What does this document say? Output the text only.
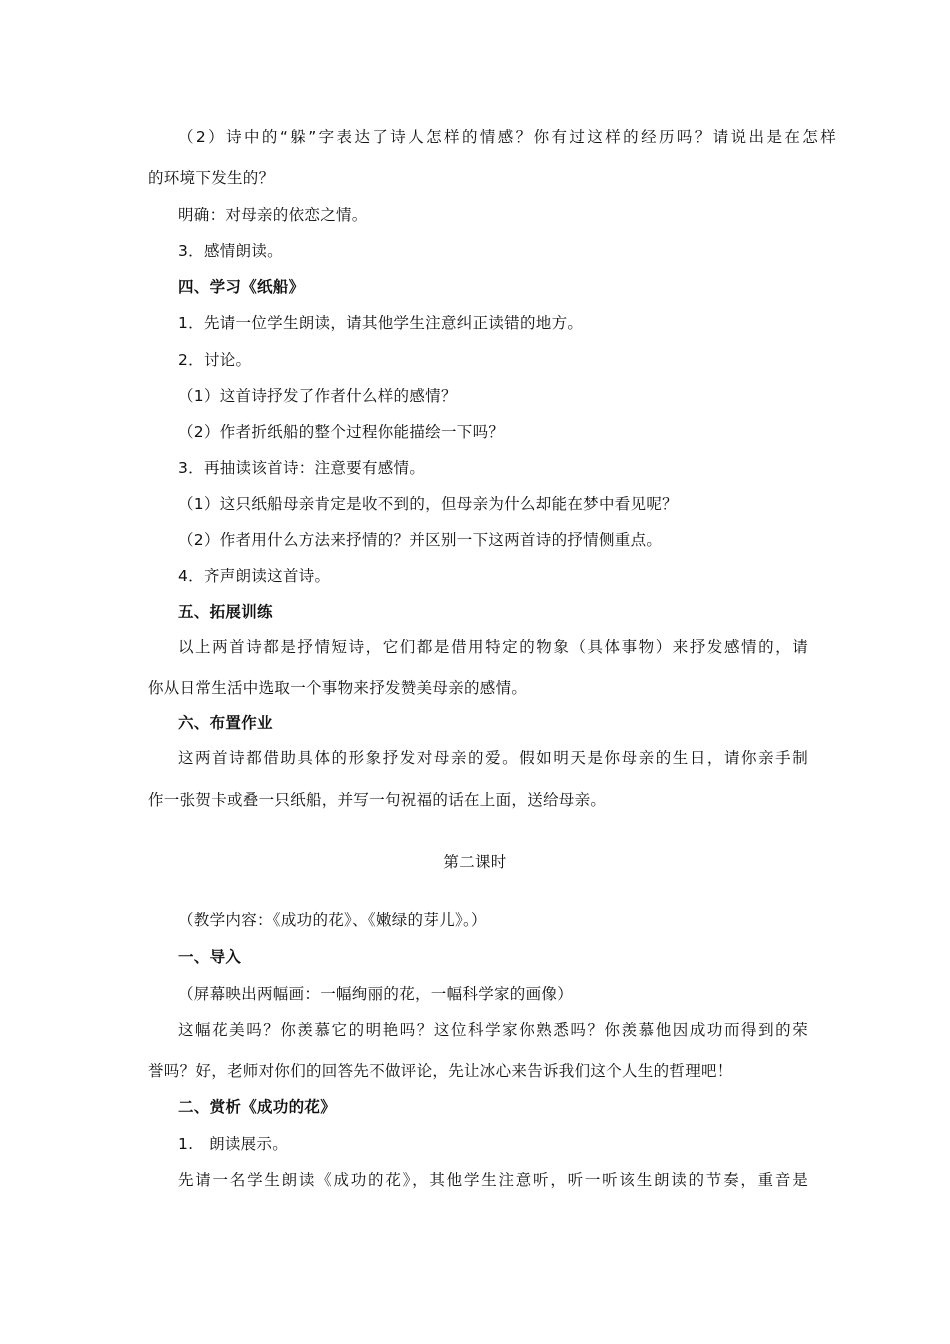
（2）诗中的“躲”字表达了诗人怎样的情感？你有过这样的经历吗？请说出是在怎样
的环境下发生的？
明确：对母亲的依恋之情。
3．感情朗读。
四、学习《纸船》
1．先请一位学生朗读，请其他学生注意纠正读错的地方。
2．讨论。
（1）这首诗抒发了作者什么样的感情？
（2）作者折纸船的整个过程你能描绘一下吗？
3．再抽读该首诗：注意要有感情。
（1）这只纸船母亲肯定是收不到的，但母亲为什么却能在梦中看见呢？
（2）作者用什么方法来抒情的？并区别一下这两首诗的抒情侧重点。
4．齐声朗读这首诗。
五、拓展训练
以上两首诗都是抒情短诗，它们都是借用特定的物象（具体事物）来抒发感情的，请
你从日常生活中选取一个事物来抒发赞美母亲的感情。
六、布置作业
这两首诗都借助具体的形象抒发对母亲的爱。假如明天是你母亲的生日，请你亲手制
作一张贺卡或叠一只纸船，并写一句祝福的话在上面，送给母亲。
第二课时
（教学内容：《成功的花》、《嫩绿的芽儿》。）
一、导入
（屏幕映出两幅画：一幅绚丽的花，一幅科学家的画像）
这幅花美吗？你羡慕它的明艳吗？这位科学家你熟悉吗？你羡慕他因成功而得到的荣
誉吗？好，老师对你们的回答先不做评论，先让冰心来告诉我们这个人生的哲理吧！
二、赏析《成功的花》
1.   朗读展示。
先请一名学生朗读《成功的花》，其他学生注意听，听一听该生朗读的节奏，重音是
